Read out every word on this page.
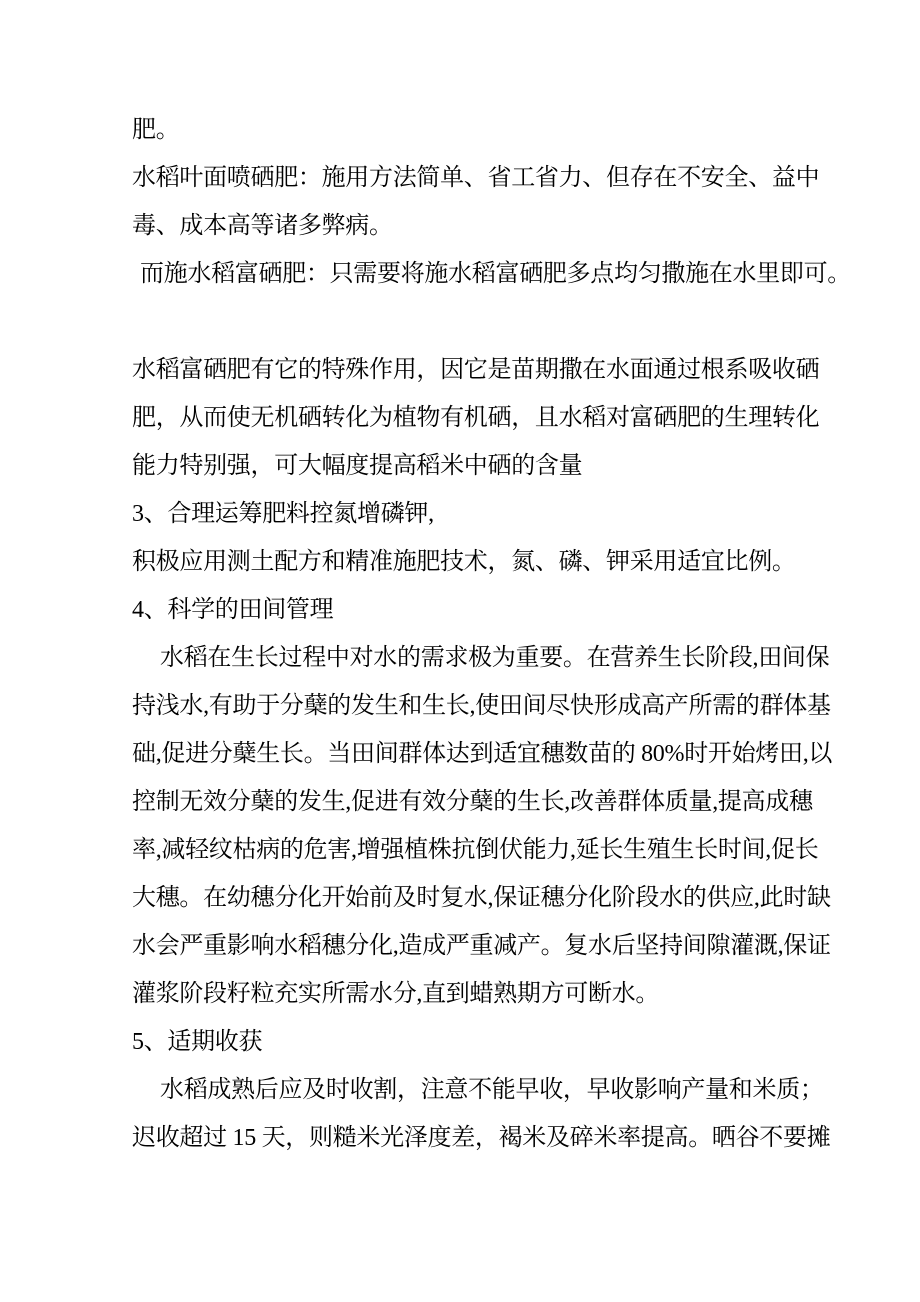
肥。
水稻叶面喷硒肥：施用方法简单、省工省力、但存在不安全、益中
毒、成本高等诸多弊病。
而施水稻富硒肥：只需要将施水稻富硒肥多点均匀撒施在水里即可。
水稻富硒肥有它的特殊作用，因它是苗期撒在水面通过根系吸收硒
肥，从而使无机硒转化为植物有机硒，且水稻对富硒肥的生理转化
能力特别强，可大幅度提高稻米中硒的含量
3、合理运筹肥料控氮增磷钾,
积极应用测土配方和精准施肥技术，氮、磷、钾采用适宜比例。
4、科学的田间管理
水稻在生长过程中对水的需求极为重要。在营养生长阶段,田间保
持浅水,有助于分蘖的发生和生长,使田间尽快形成高产所需的群体基
础,促进分蘖生长。当田间群体达到适宜穗数苗的 80%时开始烤田,以
控制无效分蘖的发生,促进有效分蘖的生长,改善群体质量,提高成穗
率,减轻纹枯病的危害,增强植株抗倒伏能力,延长生殖生长时间,促长
大穗。在幼穗分化开始前及时复水,保证穗分化阶段水的供应,此时缺
水会严重影响水稻穗分化,造成严重减产。复水后坚持间隙灌溉,保证
灌浆阶段籽粒充实所需水分,直到蜡熟期方可断水。
5、适期收获
水稻成熟后应及时收割，注意不能早收，早收影响产量和米质；
迟收超过 15 天，则糙米光泽度差，褐米及碎米率提高。晒谷不要摊
